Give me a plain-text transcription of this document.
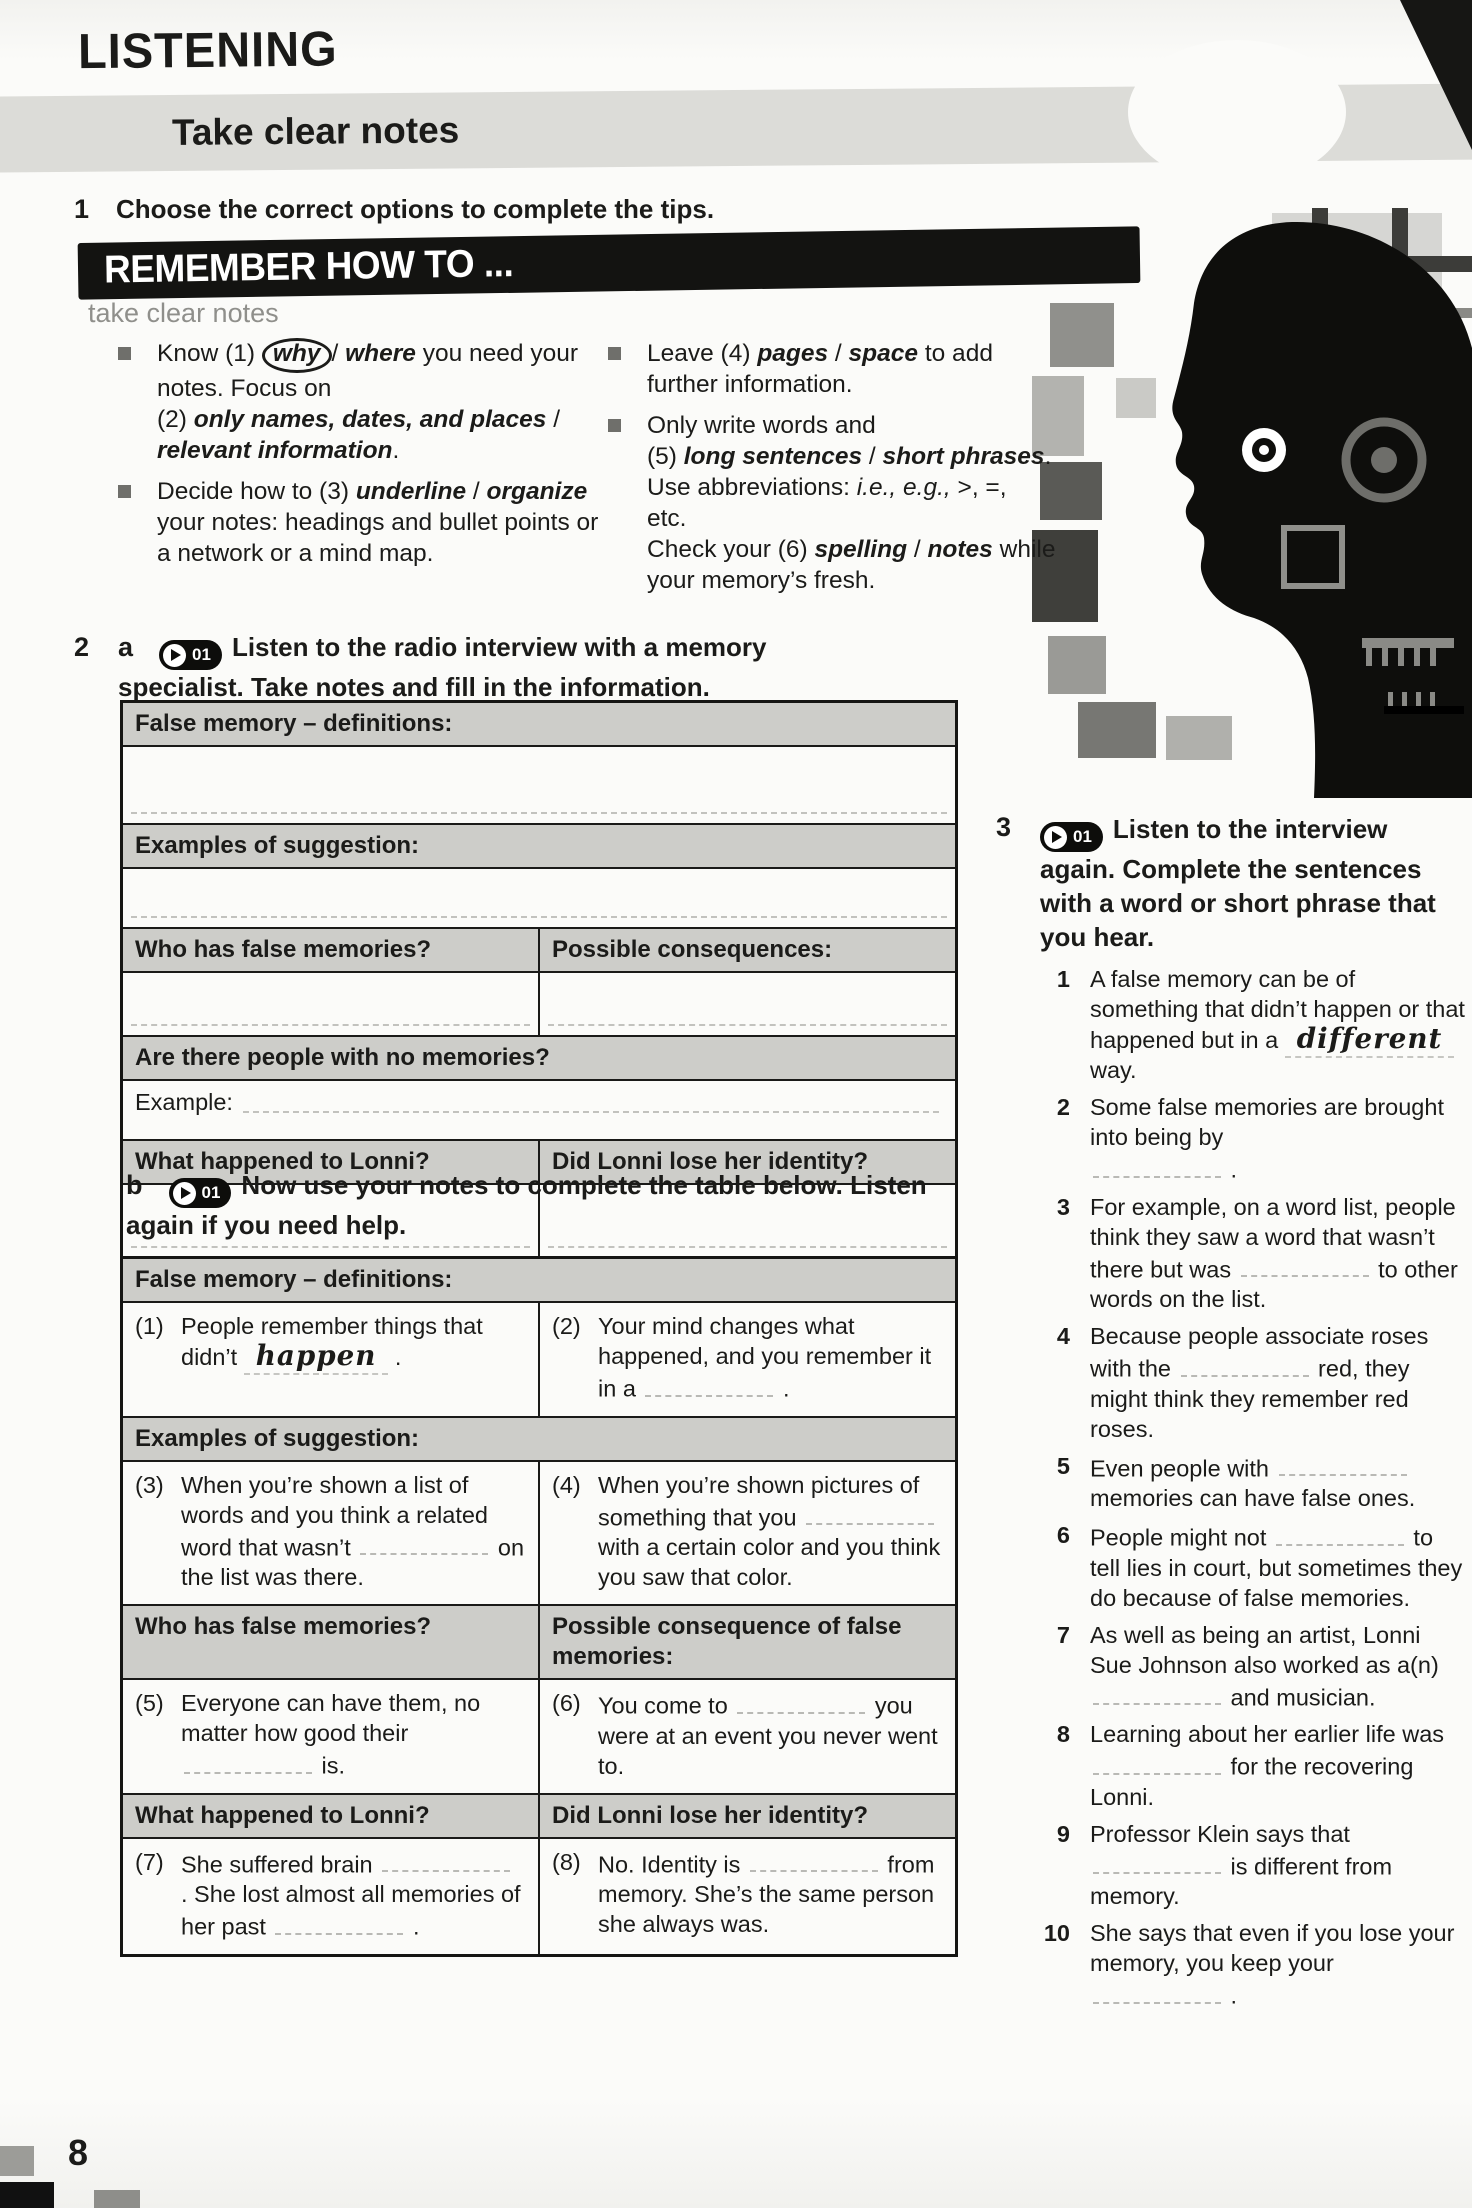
LISTENING
Take clear notes
1 Choose the correct options to complete the tips.
REMEMBER HOW TO ...
take clear notes
Know (1) why / where you need your notes. Focus on
(2) only names, dates, and places / relevant information.
Decide how to (3) underline / organize your notes: headings and bullet points or a network or a mind map.
Leave (4) pages / space to add further information.
Only write words and
(5) long sentences / short phrases.
Use abbreviations: i.e., e.g., >, =,
etc.
Check your (6) spelling / notes while your memory’s fresh.
2 a	01 Listen to the radio interview with a memory specialist. Take notes and fill in the information.
False memory – definitions:	

Examples of suggestion:	

Who has false memories?	Possible consequences:

Are there people with no memories?	

Example:	

What happened to Lonni?	Did Lonni lose her identity?

b	01 Now use your notes to complete the table below. Listen again if you need help.
False memory – definitions:	

(1) People remember things that didn’t happen .	(2) Your mind changes what happened, and you remember it in a .

Examples of suggestion:	

(3) When you’re shown a list of words and you think a related word that wasn’t on the list was there.	(4) When you’re shown pictures of something that you  with a certain color and you think you saw that color.

Who has false memories?	Possible consequence of false memories:

(5) Everyone can have them, no matter how good their  is.	(6) You come to you were at an event you never went to.

What happened to Lonni?	Did Lonni lose her identity?

(7) She suffered brain  . She lost almost all memories of her past .	(8) No. Identity is from memory. She’s the same person she always was.
3	01 Listen to the interview again. Complete the sentences with a word or short phrase that you hear.
1 A false memory can be of something that didn’t happen or that happened but in a different way.
2 Some false memories are brought into being by
.
3 For example, on a word list, people think they saw a word that wasn’t there but was	to other words on the list.
4 Because people associate roses with the	red, they might think they remember red roses.
5 Even people with  memories can have false ones.
6 People might not	to tell lies in court, but sometimes they do because of false memories.
7 As well as being an artist, Lonni Sue Johnson also worked as a(n)  and musician.
8 Learning about her earlier life was  for the recovering Lonni.
9 Professor Klein says that  is different from memory.
10 She says that even if you lose your memory, you keep your
.
8
